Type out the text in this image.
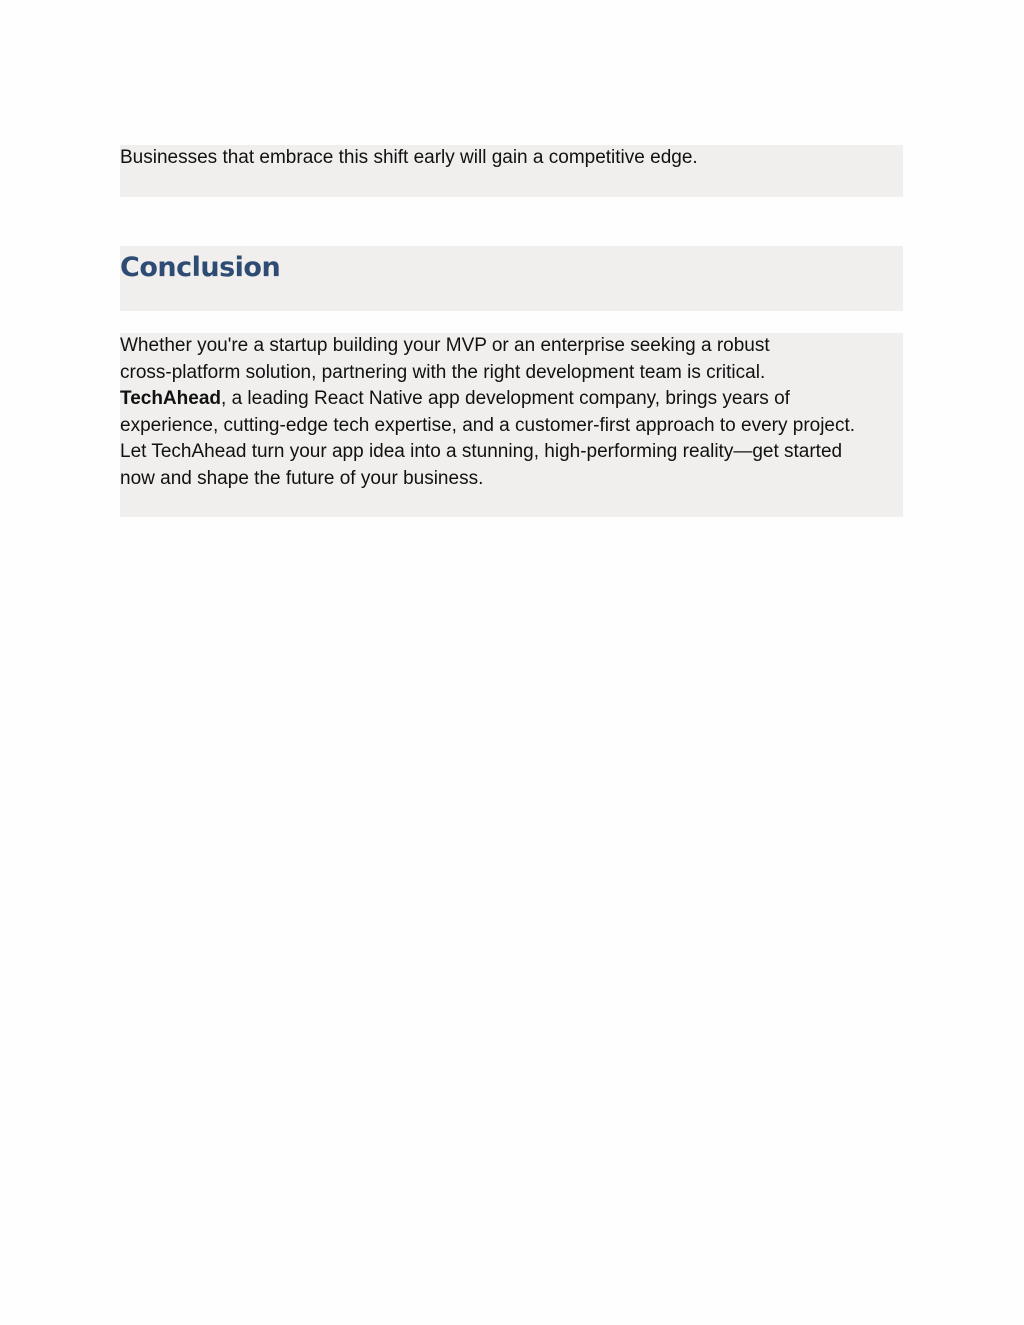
Businesses that embrace this shift early will gain a competitive edge.
Conclusion
Whether you're a startup building your MVP or an enterprise seeking a robust
cross-platform solution, partnering with the right development team is critical.
TechAhead, a leading React Native app development company, brings years of
experience, cutting-edge tech expertise, and a customer-first approach to every project.
Let TechAhead turn your app idea into a stunning, high-performing reality—get started
now and shape the future of your business.
